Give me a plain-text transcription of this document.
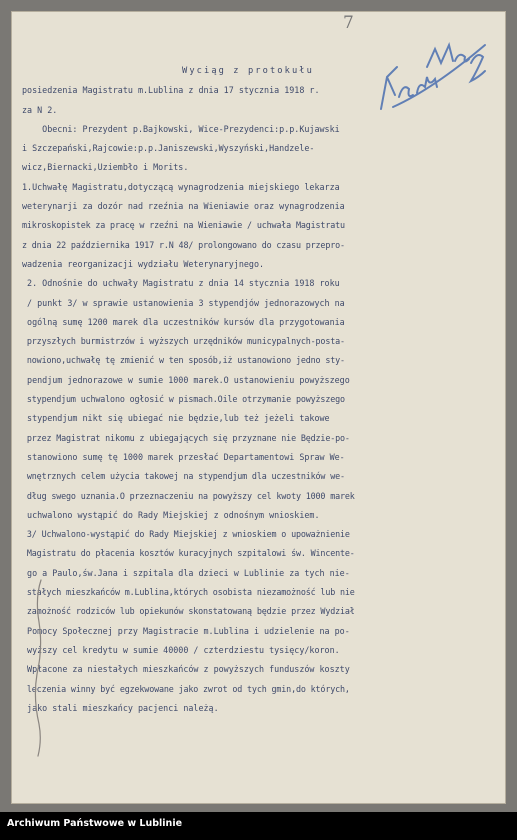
7
Wyciąg z protokułu
posiedzenia Magistratu m.Lublina z dnia 17 stycznia 1918 r.
za N 2.
Obecni: Prezydent p.Bajkowski, Wice-Prezydenci:p.p.Kujawski
i Szczepański,Rajcowie:p.p.Janiszewski,Wyszyński,Handzele-
wicz,Biernacki,Uziembło i Morits.
1.Uchwałę Magistratu,dotyczącą wynagrodzenia miejskiego lekarza
weterynarji za dozór nad rzeźnia na Wieniawie oraz wynagrodzenia
mikroskopistek za pracę w rzeźni na Wieniawie / uchwała Magistratu
z dnia 22 października 1917 r.N 48/ prolongowano do czasu przepro-
wadzenia reorganizacji wydziału Weterynaryjnego.
2. Odnośnie do uchwały Magistratu z dnia 14 stycznia 1918 roku
/ punkt 3/ w sprawie ustanowienia 3 stypendjów jednorazowych na
ogólną sumę 1200 marek dla uczestników kursów dla przygotowania
przyszłych burmistrzów i wyższych urzędników municypalnych-posta-
nowiono,uchwałę tę zmienić w ten sposób,iż ustanowiono jedno sty-
pendjum jednorazowe w sumie 1000 marek.O ustanowieniu powyższego
stypendjum uchwalono ogłosić w pismach.Oile otrzymanie powyższego
stypendjum nikt się ubiegać nie będzie,lub też jeżeli takowe
przez Magistrat nikomu z ubiegających się przyznane nie Będzie-po-
stanowiono sumę tę 1000 marek przesłać Departamentowi Spraw We-
wnętrznych celem użycia takowej na stypendjum dla uczestników we-
dług swego uznania.O przeznaczeniu na powyższy cel kwoty 1000 marek
uchwalono wystąpić do Rady Miejskiej z odnośnym wnioskiem.
3/ Uchwalono-wystąpić do Rady Miejskiej z wnioskiem o upoważnienie
Magistratu do płacenia kosztów kuracyjnych szpitalowi św. Wincente-
go a Paulo,św.Jana i szpitala dla dzieci w Lublinie za tych nie-
stałych mieszkańców m.Lublina,których osobista niezamożność lub nie
zamożność rodziców lub opiekunów skonstatowaną będzie przez Wydział
Pomocy Społecznej przy Magistracie m.Lublina i udzielenie na po-
wyższy cel kredytu w sumie 40000 / czterdziestu tysięcy/koron.
Wpłacone za niestałych mieszkańców z powyższych funduszów koszty
leczenia winny być egzekwowane jako zwrot od tych gmin,do których,
jako stali mieszkańcy pacjenci należą.
Archiwum Państwowe w Lublinie
